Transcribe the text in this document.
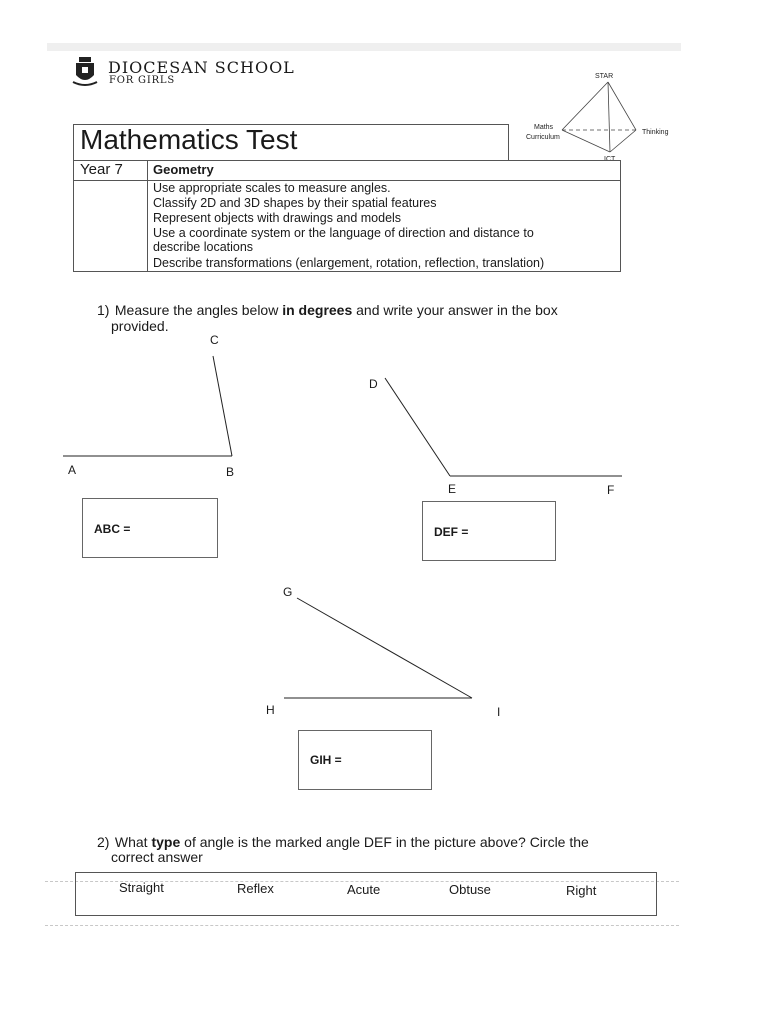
DIOCESAN SCHOOL
FOR GIRLS	STAR
Maths
Curriculum
Thinking
ICT
Mathematics Test
Year 7 Geometry
Use appropriate scales to measure angles.
Classify 2D and 3D shapes by their spatial features
Represent objects with drawings and models
Use a coordinate system or the language of direction and distance to
describe locations
Describe transformations (enlargement, rotation, reflection, translation)
1) Measure the angles below in degrees and write your answer in the box
provided.
C
A	B
D
E	F
G
H	I
ABC =	DEF =
GIH =
2) What type of angle is the marked angle DEF in the picture above? Circle the
correct answer
Straight	Reflex	Acute	Obtuse	Right
